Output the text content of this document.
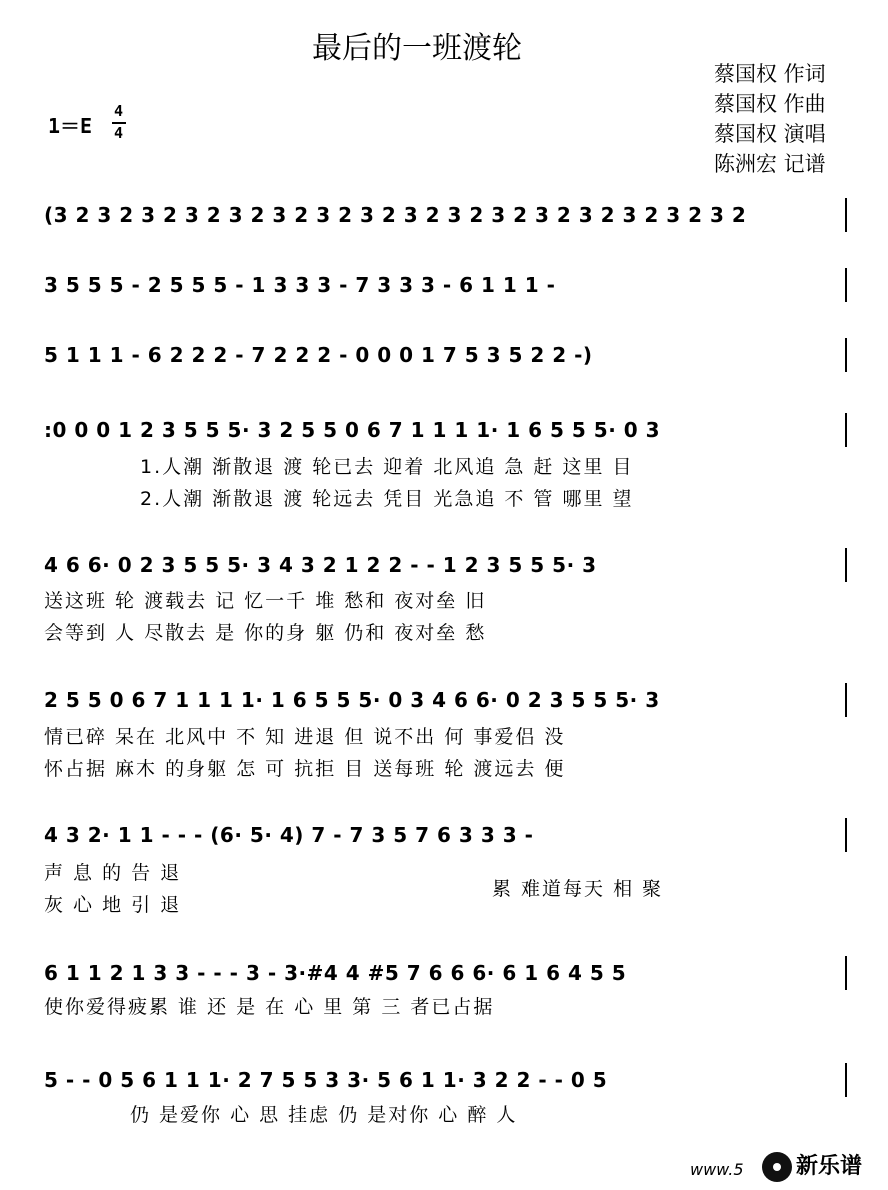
最后的一班渡轮
蔡国权 作词
蔡国权 作曲
蔡国权 演唱
陈洲宏 记谱
1＝E
4
4
(3 2 3 2 3 2 3 2 3 2 3 2 3 2 3 2 3 2 3 2 3 2 3 2 3 2 3 2 3 2 3 2
3 5 5 5 - 2 5 5 5 - 1 3 3 3 - 7 3 3 3 - 6 1 1 1 -
5 1 1 1 - 6 2 2 2 - 7 2 2 2 - 0 0 0 1 7 5 3 5 2 2 -)
:0 0 0 1 2 3 5 5 5· 3 2 5 5 0 6 7 1 1 1 1· 1 6 5 5 5· 0 3
4 6 6· 0 2 3 5 5 5· 3 4 3 2 1 2 2 - - 1 2 3 5 5 5· 3
2 5 5 0 6 7 1 1 1 1· 1 6 5 5 5· 0 3 4 6 6· 0 2 3 5 5 5· 3
4 3 2· 1 1 - - - (6· 5· 4) 7 - 7 3 5 7 6 3 3 3 -
6 1 1 2 1 3 3 - - - 3 - 3·#4 4 #5 7 6 6 6· 6 1 6 4 5 5
5 - - 0 5 6 1 1 1· 2 7 5 5 3 3· 5 6 1 1· 3 2 2 - - 0 5
1.人潮 渐散退 渡 轮已去 迎着 北风追 急 赶 这里 目
2.人潮 渐散退 渡 轮远去 凭目 光急追 不 管 哪里 望
送这班 轮 渡载去 记 忆一千 堆 愁和 夜对垒 旧
会等到 人 尽散去 是 你的身 躯 仍和 夜对垒 愁
情已碎 呆在 北风中 不 知 进退 但 说不出 何 事爱侣 没
怀占据 麻木 的身躯 怎 可 抗拒 目 送每班 轮 渡远去 便
声 息 的 告 退
灰 心 地 引 退
累 难道每天 相 聚
使你爱得疲累 谁 还 是 在 心 里 第 三 者已占据
仍 是爱你 心 思 挂虑 仍 是对你 心 醉 人
www.5 新乐谱
